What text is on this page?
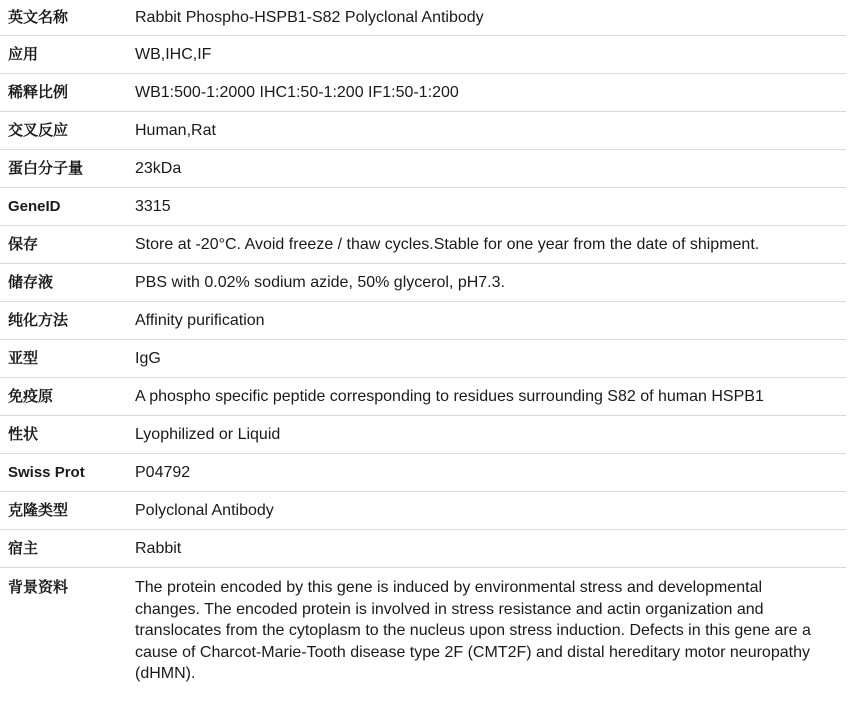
英文名称	Rabbit Phospho-HSPB1-S82 Polyclonal Antibody
应用	WB,IHC,IF
稀释比例	WB1:500-1:2000 IHC1:50-1:200 IF1:50-1:200
交叉反应	Human,Rat
蛋白分子量	23kDa
GeneID	3315
保存	Store at -20°C. Avoid freeze / thaw cycles.Stable for one year from the date of shipment.
储存液	PBS with 0.02% sodium azide, 50% glycerol, pH7.3.
纯化方法	Affinity purification
亚型	IgG
免疫原	A phospho specific peptide corresponding to residues surrounding S82 of human HSPB1
性状	Lyophilized or Liquid
Swiss Prot	P04792
克隆类型	Polyclonal Antibody
宿主	Rabbit
背景资料	The protein encoded by this gene is induced by environmental stress and developmental changes. The encoded protein is involved in stress resistance and actin organization and translocates from the cytoplasm to the nucleus upon stress induction. Defects in this gene are a cause of Charcot-Marie-Tooth disease type 2F (CMT2F) and distal hereditary motor neuropathy (dHMN).
